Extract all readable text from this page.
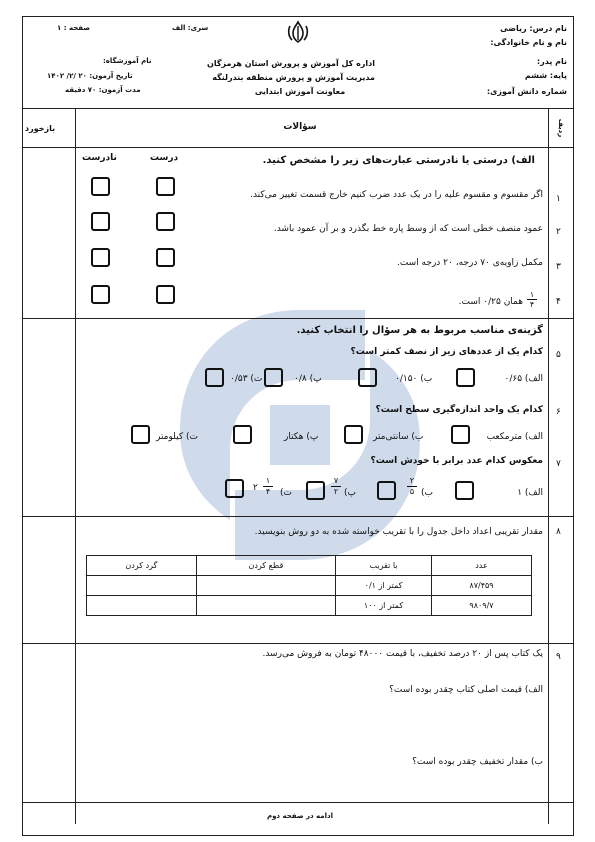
نام درس: ریاضی
نام و نام خانوادگی:
نام پدر:
پایه: ششم
شماره دانش آموزی:
اداره کل آموزش و پرورش استان هرمزگان
مدیریت آموزش و پرورش منطقه بندرلنگه
معاونت آموزش ابتدایی
سری: الف
صفحه : ۱
نام آموزشگاه:
تاریخ آزمون: ۲۰ /۲/ ۱۴۰۲
مدت آزمون: ۷۰ دقیقه
بازخورد	سؤالات	ردیف
الف) درستی یا نادرستی عبارت‌های زیر را مشخص کنید.
درست
نادرست
۱
اگر مقسوم و مقسوم علیه را در یک عدد ضرب کنیم خارج قسمت تغییر می‌کند.
۲
عمود منصف خطی است که از وسط پاره خط بگذرد و بر آن عمود باشد.
۳
مکمل زاویه‌ی ۷۰ درجه، ۲۰ درجه است.
۴
۱
۴
همان ۰/۲۵ است.
گزینه‌ی مناسب مربوط به هر سؤال را انتخاب کنید.
۵
کدام یک از عددهای زیر از نصف کمتر است؟
الف) ۰/۶۵
ب) ۰/۱۵۰
پ) ۰/۸
ت) ۰/۵۳
۶
کدام یک واحد اندازه‌گیری سطح است؟
الف) مترمکعب
ب) سانتی‌متر
پ) هکتار
ت) کیلومتر
۷
معکوس کدام عدد برابر با خودش است؟
الف) ۱
ب)
۲
۵
پ)
۷
۲
ت)
۱
۴
۲
۸
مقدار تقریبی اعداد داخل جدول را با تقریب خواسته شده به دو روش بنویسید.
گرد کردن	قطع کردن	با تقریب	عدد
		کمتر از ۰/۱	۸۷/۴۵۹
		کمتر از ۱۰۰	۹۸۰۹/۷
۹
یک کتاب پس از ۲۰ درصد تخفیف، با قیمت ۴۸۰۰۰ تومان به فروش می‌رسد.
الف) قیمت اصلی کتاب چقدر بوده است؟
ب) مقدار تخفیف چقدر بوده است؟
ادامه در صفحه دوم
